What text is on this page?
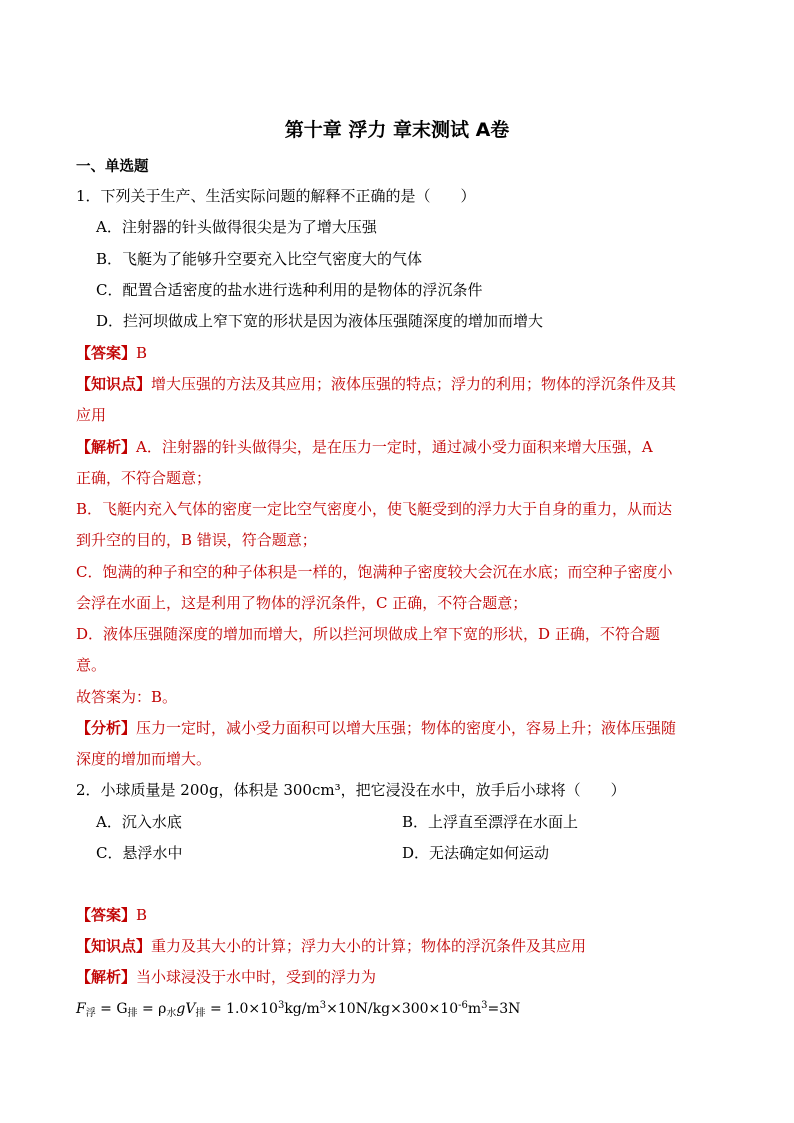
第十章 浮力 章末测试 A卷
一、单选题
1．下列关于生产、生活实际问题的解释不正确的是（　　）
A．注射器的针头做得很尖是为了增大压强
B．飞艇为了能够升空要充入比空气密度大的气体
C．配置合适密度的盐水进行选种利用的是物体的浮沉条件
D．拦河坝做成上窄下宽的形状是因为液体压强随深度的增加而增大
【答案】B
【知识点】增大压强的方法及其应用；液体压强的特点；浮力的利用；物体的浮沉条件及其
应用
【解析】A．注射器的针头做得尖，是在压力一定时，通过减小受力面积来增大压强，A
正确，不符合题意；
B．飞艇内充入气体的密度一定比空气密度小，使飞艇受到的浮力大于自身的重力，从而达
到升空的目的，B 错误，符合题意；
C．饱满的种子和空的种子体积是一样的，饱满种子密度较大会沉在水底；而空种子密度小
会浮在水面上，这是利用了物体的浮沉条件，C 正确，不符合题意；
D．液体压强随深度的增加而增大，所以拦河坝做成上窄下宽的形状，D 正确，不符合题
意。
故答案为：B。
【分析】压力一定时，减小受力面积可以增大压强；物体的密度小，容易上升；液体压强随
深度的增加而增大。
2．小球质量是 200g，体积是 300cm³，把它浸没在水中，放手后小球将（　　）
A．沉入水底	B．上浮直至漂浮在水面上
C．悬浮水中	D．无法确定如何运动
【答案】B
【知识点】重力及其大小的计算；浮力大小的计算；物体的浮沉条件及其应用
【解析】当小球浸没于水中时，受到的浮力为
$F_浮 = G_排 = \rho_水gV_排 = 1.0\times 10^3kg/m^3\times 10N/kg\times 300\times 10^{-6}m^3=3N$
